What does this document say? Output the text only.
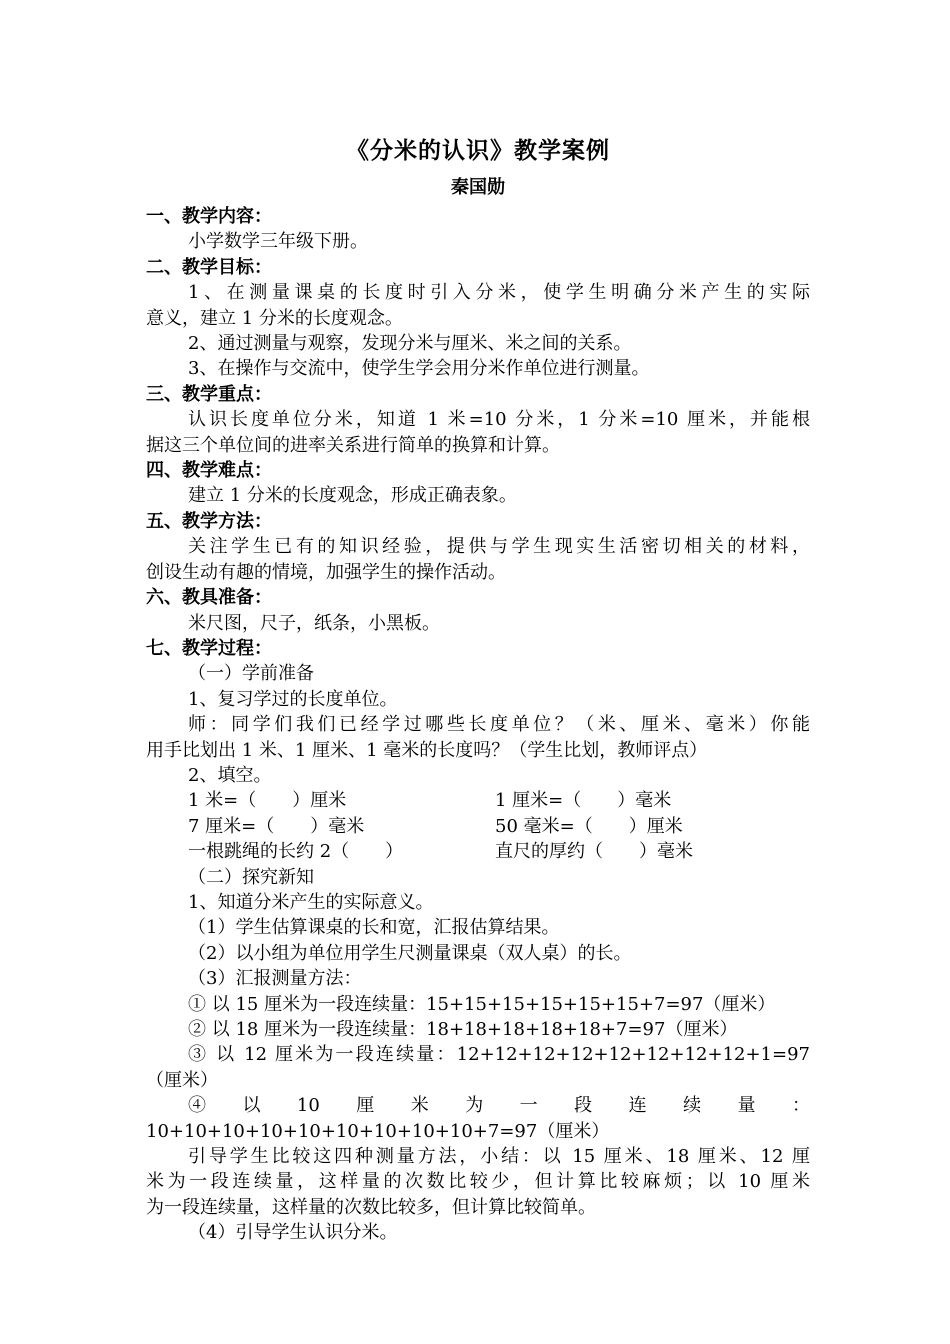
《分米的认识》教学案例

秦国勋

一、教学内容：

小学数学三年级下册。

二、教学目标：

1、在测量课桌的长度时引入分米，使学生明确分米产生的实际

意义，建立 1 分米的长度观念。

2、通过测量与观察，发现分米与厘米、米之间的关系。

3、在操作与交流中，使学生学会用分米作单位进行测量。

三、教学重点：

认识长度单位分米，知道 1 米=10 分米，1 分米=10 厘米，并能根

据这三个单位间的进率关系进行简单的换算和计算。

四、教学难点：

建立 1 分米的长度观念，形成正确表象。

五、教学方法：

关注学生已有的知识经验，提供与学生现实生活密切相关的材料，

创设生动有趣的情境，加强学生的操作活动。

六、教具准备：

米尺图，尺子，纸条，小黑板。

七、教学过程：

（一）学前准备

1、复习学过的长度单位。

师：同学们我们已经学过哪些长度单位？（米、厘米、毫米）你能

用手比划出 1 米、1 厘米、1 毫米的长度吗？（学生比划，教师评点）

2、填空。

1 米=（　　）厘米	1 厘米=（　　）毫米
7 厘米=（　　）毫米	50 毫米=（　　）厘米
一根跳绳的长约 2（　　）	直尺的厚约（　　）毫米

（二）探究新知

1、知道分米产生的实际意义。

（1）学生估算课桌的长和宽，汇报估算结果。

（2）以小组为单位用学生尺测量课桌（双人桌）的长。

（3）汇报测量方法：

① 以 15 厘米为一段连续量：15+15+15+15+15+15+7=97（厘米）

② 以 18 厘米为一段连续量：18+18+18+18+18+7=97（厘米）

③ 以 12 厘米为一段连续量：12+12+12+12+12+12+12+12+1=97

（厘米）

④　以　10　厘　米　为　一　段　连　续　量　：

10+10+10+10+10+10+10+10+10+7=97（厘米）

引导学生比较这四种测量方法，小结：以 15 厘米、18 厘米、12 厘

米为一段连续量，这样量的次数比较少，但计算比较麻烦；以 10 厘米

为一段连续量，这样量的次数比较多，但计算比较简单。

（4）引导学生认识分米。
